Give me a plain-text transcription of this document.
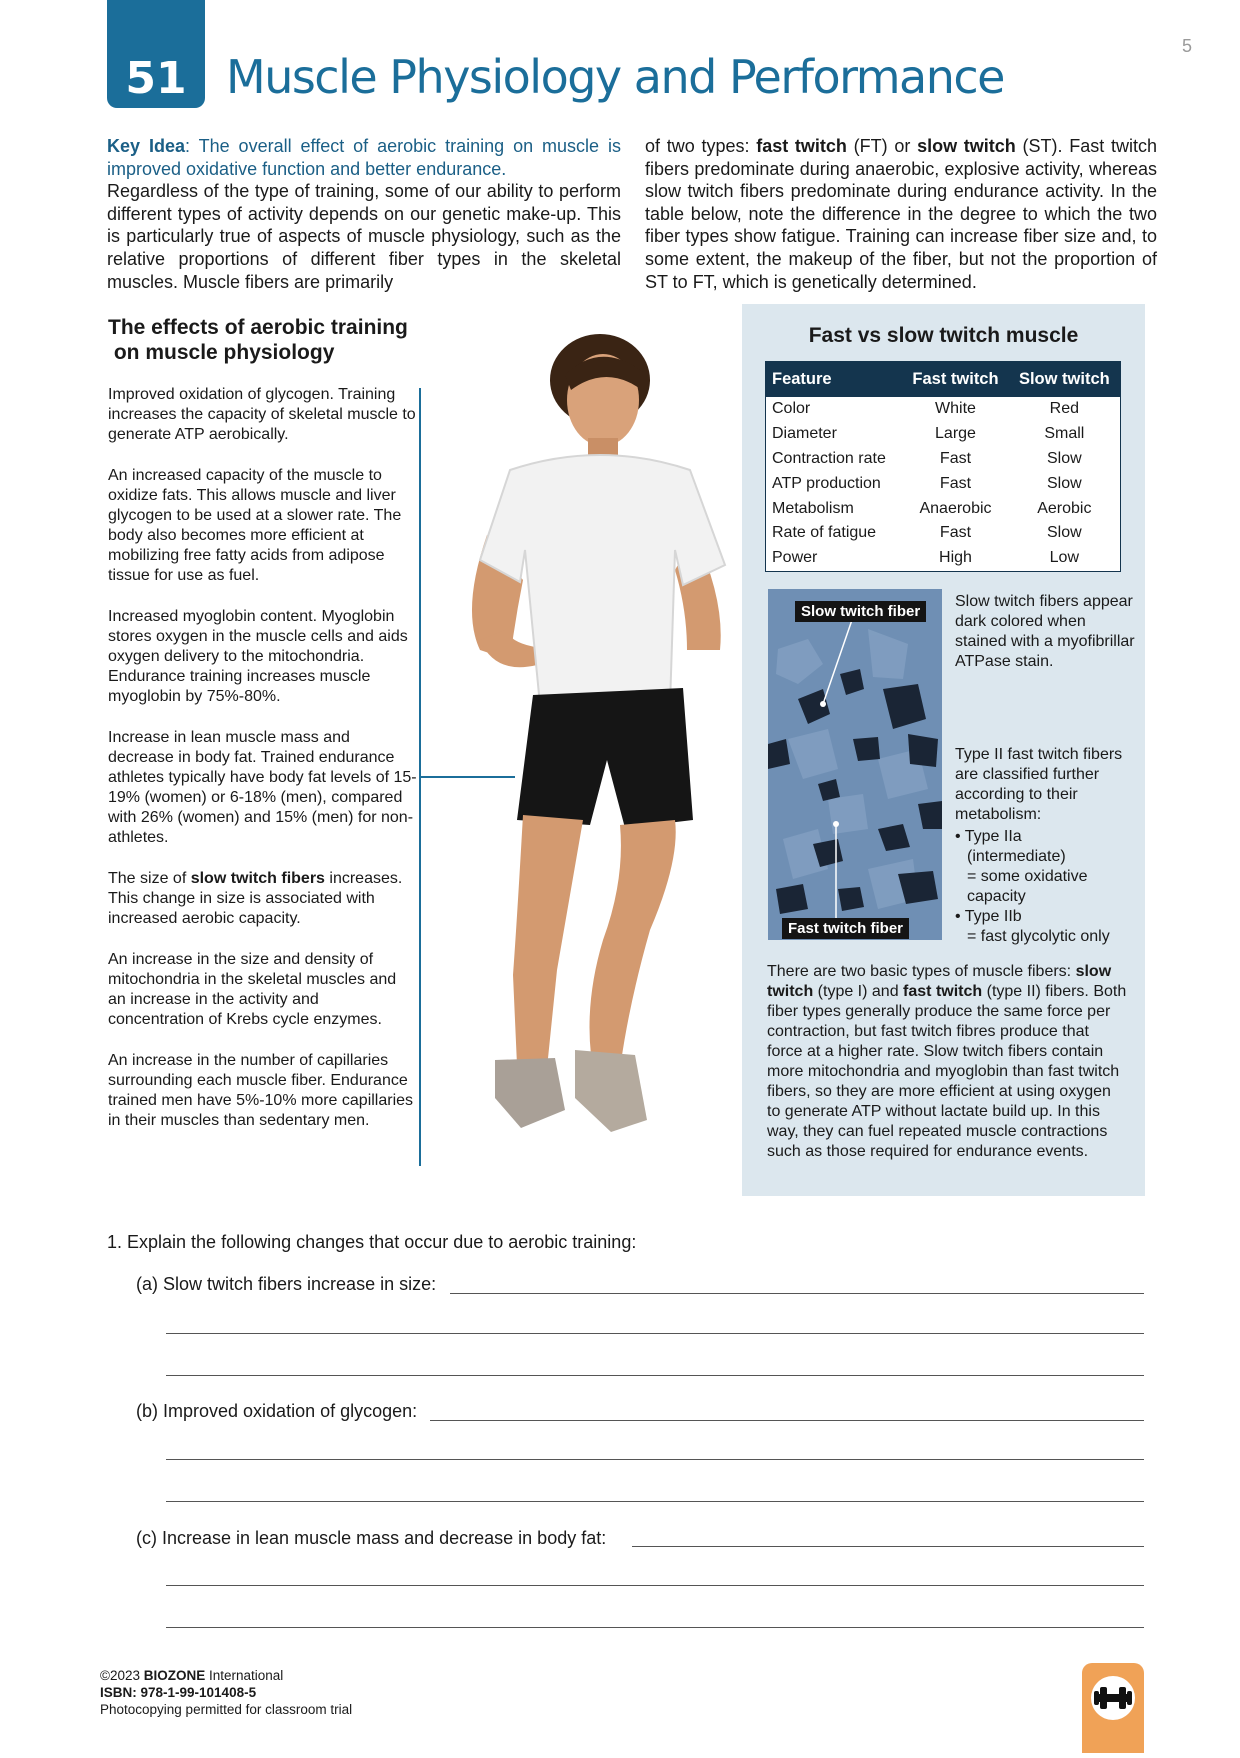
51 Muscle Physiology and Performance
5
Key Idea: The overall effect of aerobic training on muscle is improved oxidative function and better endurance.
Regardless of the type of training, some of our ability to perform different types of activity depends on our genetic make-up. This is particularly true of aspects of muscle physiology, such as the relative proportions of different fiber types in the skeletal muscles. Muscle fibers are primarily
of two types: fast twitch (FT) or slow twitch (ST). Fast twitch fibers predominate during anaerobic, explosive activity, whereas slow twitch fibers predominate during endurance activity. In the table below, note the difference in the degree to which the two fiber types show fatigue. Training can increase fiber size and, to some extent, the makeup of the fiber, but not the proportion of ST to FT, which is genetically determined.
The effects of aerobic training
on muscle physiology

Improved oxidation of glycogen. Training increases the capacity of skeletal muscle to generate ATP aerobically.

An increased capacity of the muscle to oxidize fats. This allows muscle and liver glycogen to be used at a slower rate. The body also becomes more efficient at mobilizing free fatty acids from adipose tissue for use as fuel.

Increased myoglobin content. Myoglobin stores oxygen in the muscle cells and aids oxygen delivery to the mitochondria. Endurance training increases muscle myoglobin by 75%-80%.

Increase in lean muscle mass and decrease in body fat. Trained endurance athletes typically have body fat levels of 15-19% (women) or 6-18% (men), compared with 26% (women) and 15% (men) for non-athletes.

The size of slow twitch fibers increases. This change in size is associated with increased aerobic capacity.

An increase in the size and density of mitochondria in the skeletal muscles and an increase in the activity and concentration of Krebs cycle enzymes.

An increase in the number of capillaries surrounding each muscle fiber. Endurance trained men have 5%-10% more capillaries in their muscles than sedentary men.

Fast vs slow twitch muscle
Feature	Fast twitch	Slow twitch
Color	White	Red
Diameter	Large	Small
Contraction rate	Fast	Slow
ATP production	Fast	Slow
Metabolism	Anaerobic	Aerobic
Rate of fatigue	Fast	Slow
Power	High	Low
Slow twitch fiber
Fast twitch fiber
Slow twitch fibers appear dark colored when stained with a myofibrillar ATPase stain.
Type II fast twitch fibers are classified further according to their metabolism:
• Type IIa
(intermediate)
= some oxidative capacity
• Type IIb
= fast glycolytic only
There are two basic types of muscle fibers: slow twitch (type I) and fast twitch (type II) fibers. Both fiber types generally produce the same force per contraction, but fast twitch fibres produce that force at a higher rate. Slow twitch fibers contain more mitochondria and myoglobin than fast twitch fibers, so they are more efficient at using oxygen to generate ATP without lactate build up. In this way, they can fuel repeated muscle contractions such as those required for endurance events.
1. Explain the following changes that occur due to aerobic training:
(a) Slow twitch fibers increase in size:
(b) Improved oxidation of glycogen:
(c) Increase in lean muscle mass and decrease in body fat:
©2023 BIOZONE International
ISBN: 978-1-99-101408-5
Photocopying permitted for classroom trial
